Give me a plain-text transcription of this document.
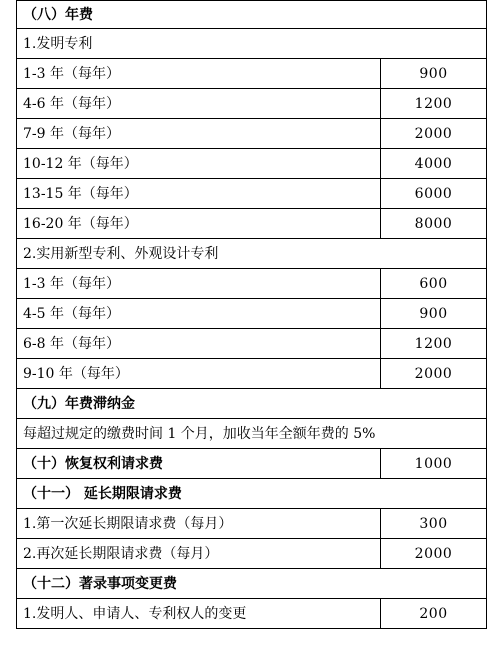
（八）年费	
1.发明专利	
1-3 年（每年）	900
4-6 年（每年）	1200
7-9 年（每年）	2000
10-12 年（每年）	4000
13-15 年（每年）	6000
16-20 年（每年）	8000
2.实用新型专利、外观设计专利	
1-3 年（每年）	600
4-5 年（每年）	900
6-8 年（每年）	1200
9-10 年（每年）	2000
（九）年费滞纳金	
每超过规定的缴费时间 1 个月，加收当年全额年费的 5%	
（十）恢复权利请求费	1000
（十一） 延长期限请求费	
1.第一次延长期限请求费（每月）	300
2.再次延长期限请求费（每月）	2000
（十二）著录事项变更费	
1.发明人、申请人、专利权人的变更	200
